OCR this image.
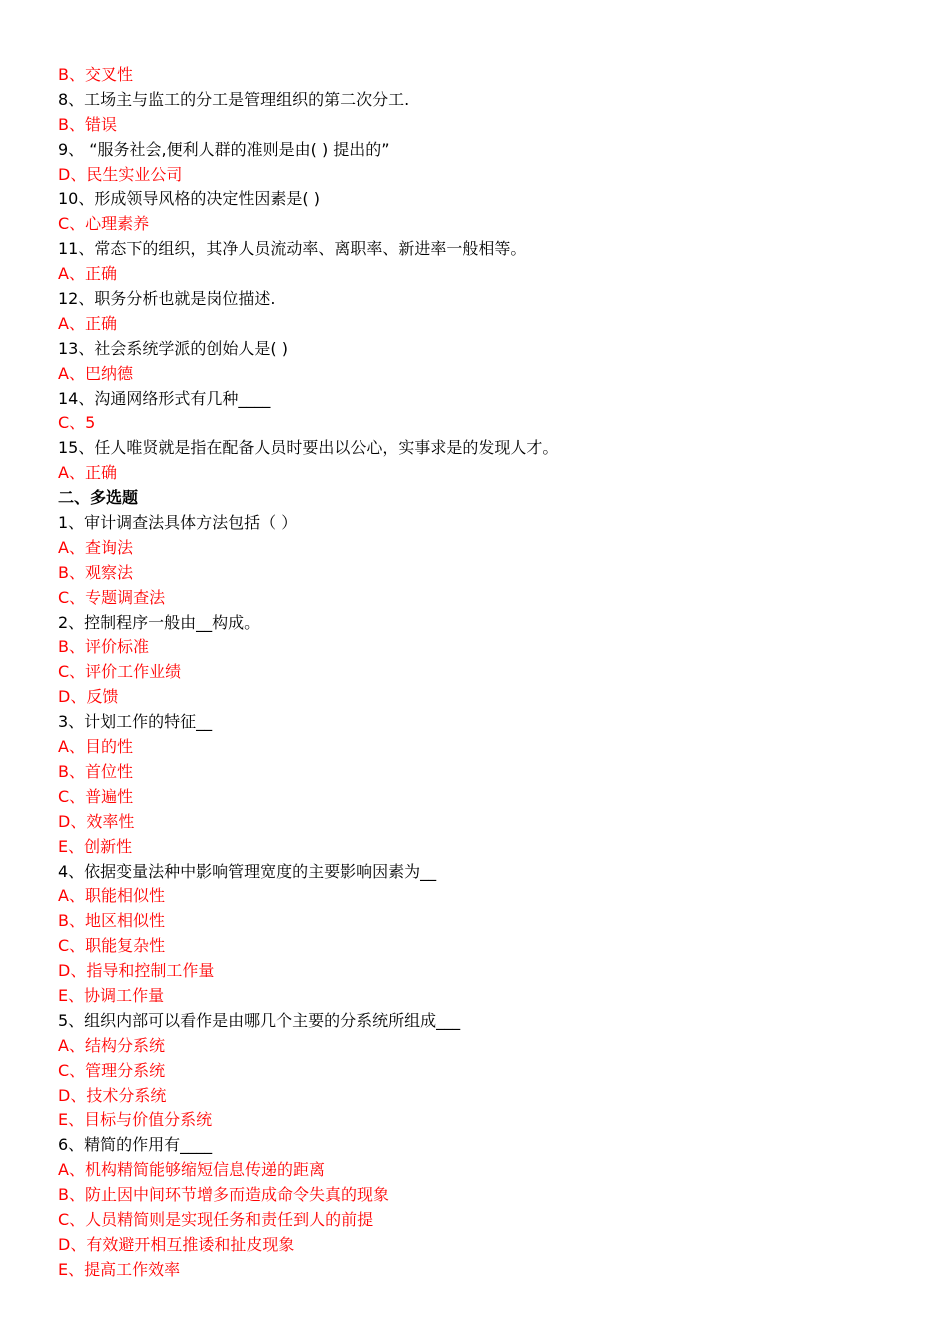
B、交叉性
8、工场主与监工的分工是管理组织的第二次分工.
B、错误
9、 “服务社会,便利人群的准则是由( ) 提出的”
D、民生实业公司
10、形成领导风格的决定性因素是( )
C、心理素养
11、常态下的组织，其净人员流动率、离职率、新进率一般相等。
A、正确
12、职务分析也就是岗位描述.
A、正确
13、社会系统学派的创始人是( )
A、巴纳德
14、沟通网络形式有几种____
C、5
15、任人唯贤就是指在配备人员时要出以公心，实事求是的发现人才。
A、正确
二、多选题
1、审计调查法具体方法包括（ ）
A、查询法
B、观察法
C、专题调查法
2、控制程序一般由__构成。
B、评价标准
C、评价工作业绩
D、反馈
3、计划工作的特征__
A、目的性
B、首位性
C、普遍性
D、效率性
E、创新性
4、依据变量法种中影响管理宽度的主要影响因素为__
A、职能相似性
B、地区相似性
C、职能复杂性
D、指导和控制工作量
E、协调工作量
5、组织内部可以看作是由哪几个主要的分系统所组成___
A、结构分系统
C、管理分系统
D、技术分系统
E、目标与价值分系统
6、精简的作用有____
A、机构精简能够缩短信息传递的距离
B、防止因中间环节增多而造成命令失真的现象
C、人员精简则是实现任务和责任到人的前提
D、有效避开相互推诿和扯皮现象
E、提高工作效率
